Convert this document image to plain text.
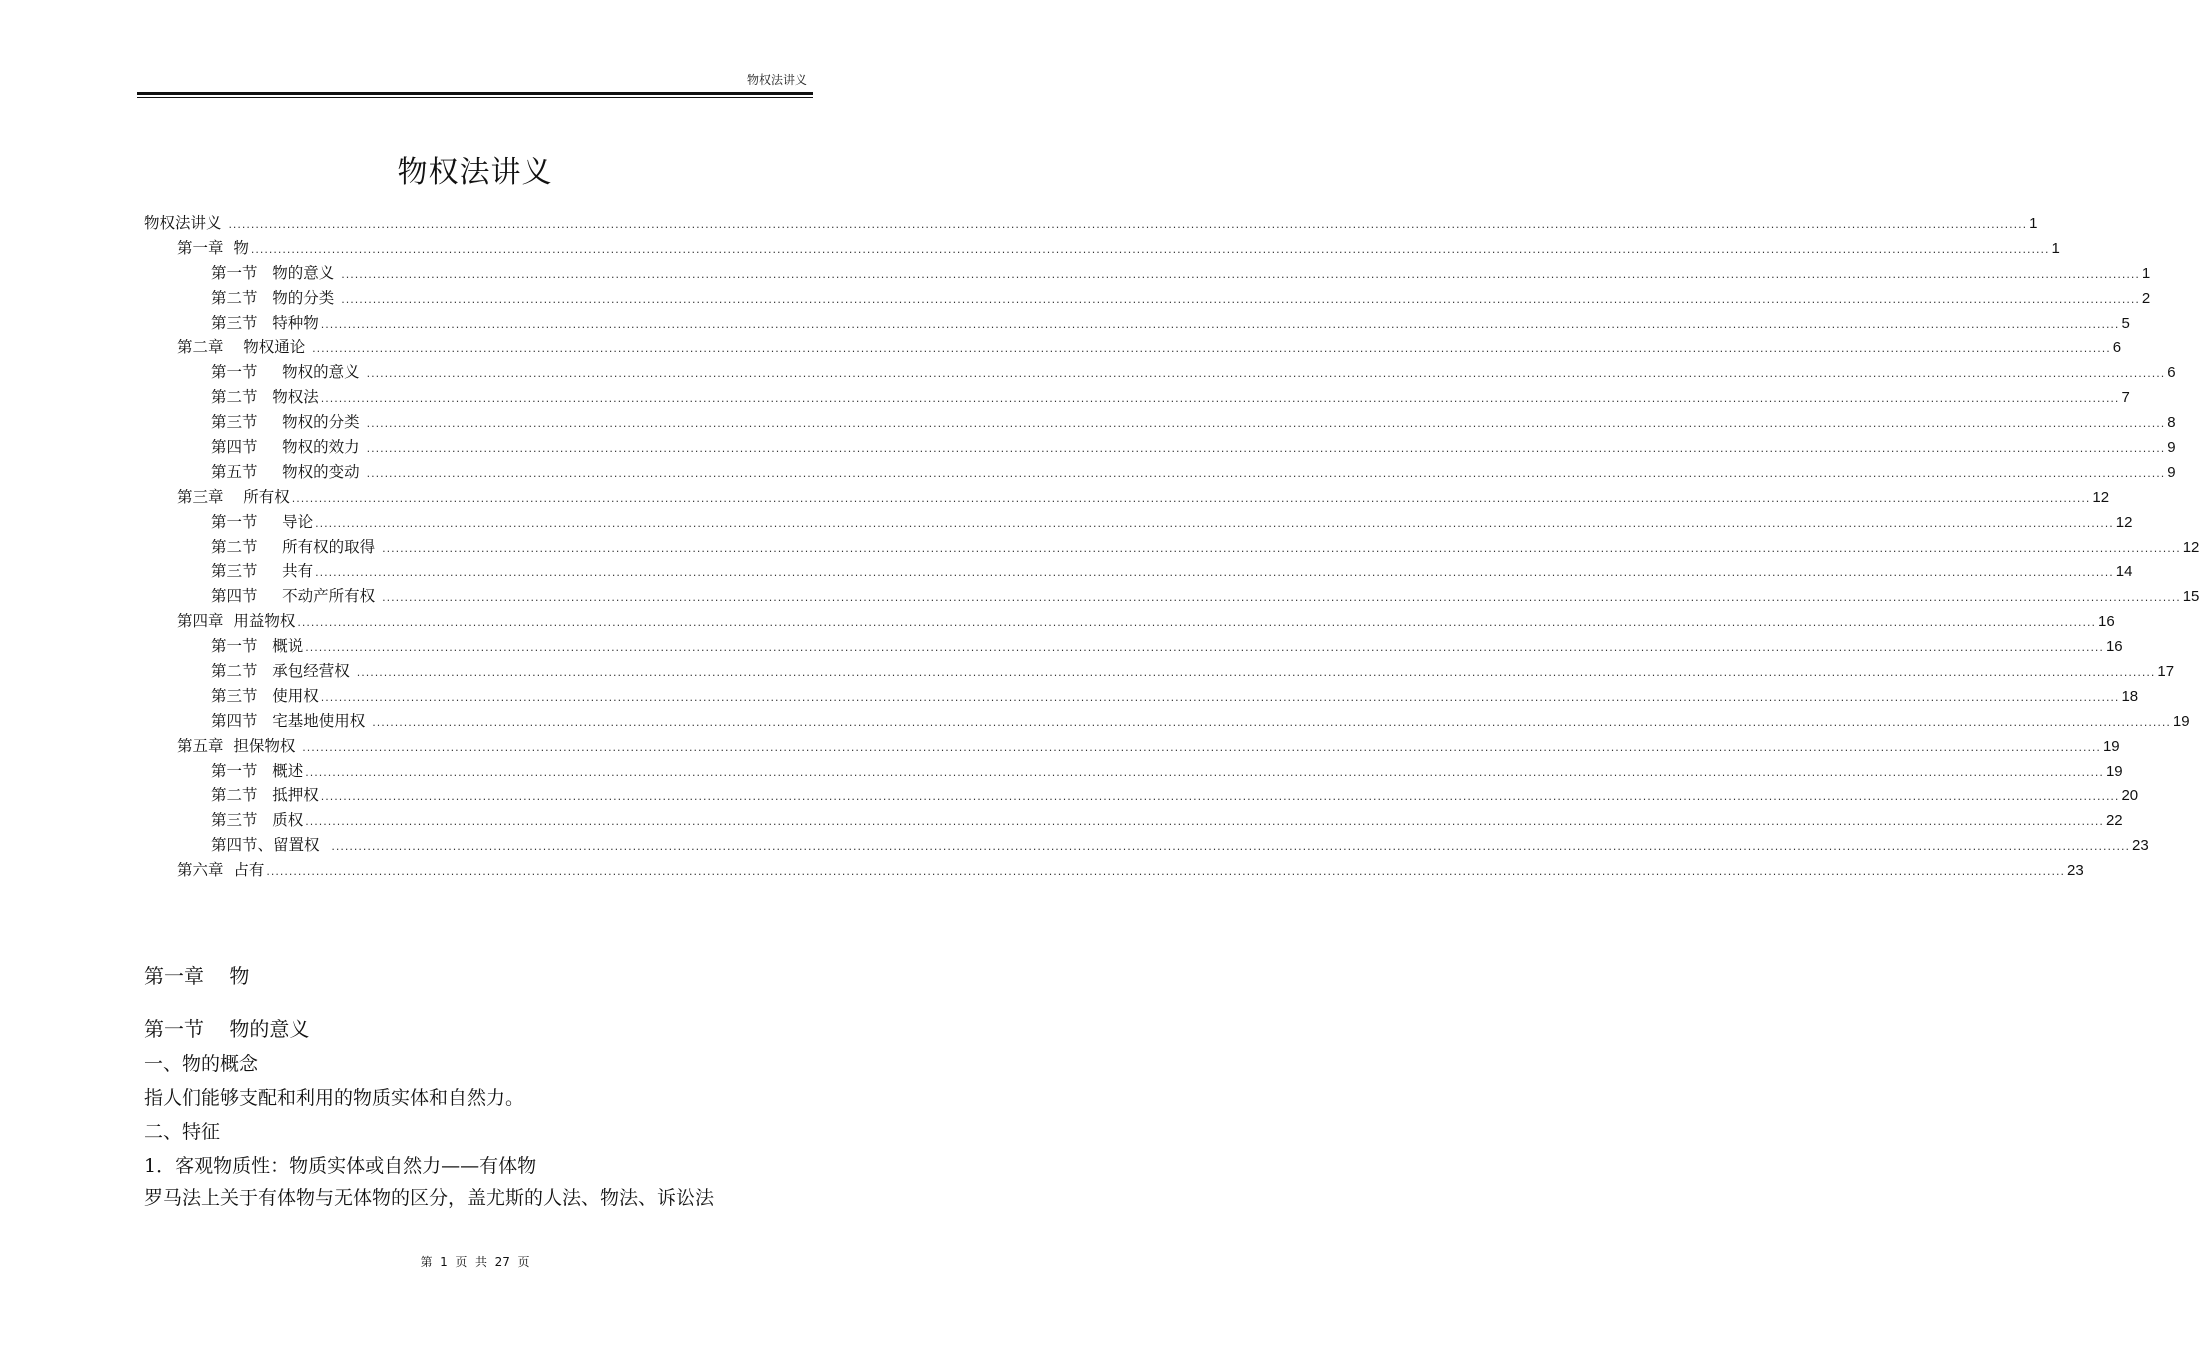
物权法讲义
物权法讲义
物权法讲义 ................................................................................................................................................................................................................................................................................................................................................................................................................ 1
第一章  物 ................................................................................................................................................................................................................................................................................................................................................................................................................ 1
第一节   物的意义 ................................................................................................................................................................................................................................................................................................................................................................................................................ 1
第二节   物的分类 ................................................................................................................................................................................................................................................................................................................................................................................................................ 2
第三节   特种物 ................................................................................................................................................................................................................................................................................................................................................................................................................ 5
第二章    物权通论 ................................................................................................................................................................................................................................................................................................................................................................................................................ 6
第一节     物权的意义 ................................................................................................................................................................................................................................................................................................................................................................................................................ 6
第二节   物权法 ................................................................................................................................................................................................................................................................................................................................................................................................................ 7
第三节     物权的分类 ................................................................................................................................................................................................................................................................................................................................................................................................................ 8
第四节     物权的效力 ................................................................................................................................................................................................................................................................................................................................................................................................................ 9
第五节     物权的变动 ................................................................................................................................................................................................................................................................................................................................................................................................................ 9
第三章    所有权 ................................................................................................................................................................................................................................................................................................................................................................................................................ 12
第一节     导论 ................................................................................................................................................................................................................................................................................................................................................................................................................ 12
第二节     所有权的取得 ................................................................................................................................................................................................................................................................................................................................................................................................................ 12
第三节     共有 ................................................................................................................................................................................................................................................................................................................................................................................................................ 14
第四节     不动产所有权 ................................................................................................................................................................................................................................................................................................................................................................................................................ 15
第四章  用益物权 ................................................................................................................................................................................................................................................................................................................................................................................................................ 16
第一节   概说 ................................................................................................................................................................................................................................................................................................................................................................................................................ 16
第二节   承包经营权 ................................................................................................................................................................................................................................................................................................................................................................................................................ 17
第三节   使用权 ................................................................................................................................................................................................................................................................................................................................................................................................................ 18
第四节   宅基地使用权 ................................................................................................................................................................................................................................................................................................................................................................................................................ 19
第五章  担保物权 ................................................................................................................................................................................................................................................................................................................................................................................................................ 19
第一节   概述 ................................................................................................................................................................................................................................................................................................................................................................................................................ 19
第二节   抵押权 ................................................................................................................................................................................................................................................................................................................................................................................................................ 20
第三节   质权 ................................................................................................................................................................................................................................................................................................................................................................................................................ 22
第四节、留置权 ................................................................................................................................................................................................................................................................................................................................................................................................................ 23
第六章  占有 ................................................................................................................................................................................................................................................................................................................................................................................................................ 23
第一章    物
第一节    物的意义
一、物的概念
指人们能够支配和利用的物质实体和自然力。
二、特征
1．客观物质性：物质实体或自然力——有体物
罗马法上关于有体物与无体物的区分，盖尤斯的人法、物法、诉讼法
第  1  页  共  27  页
